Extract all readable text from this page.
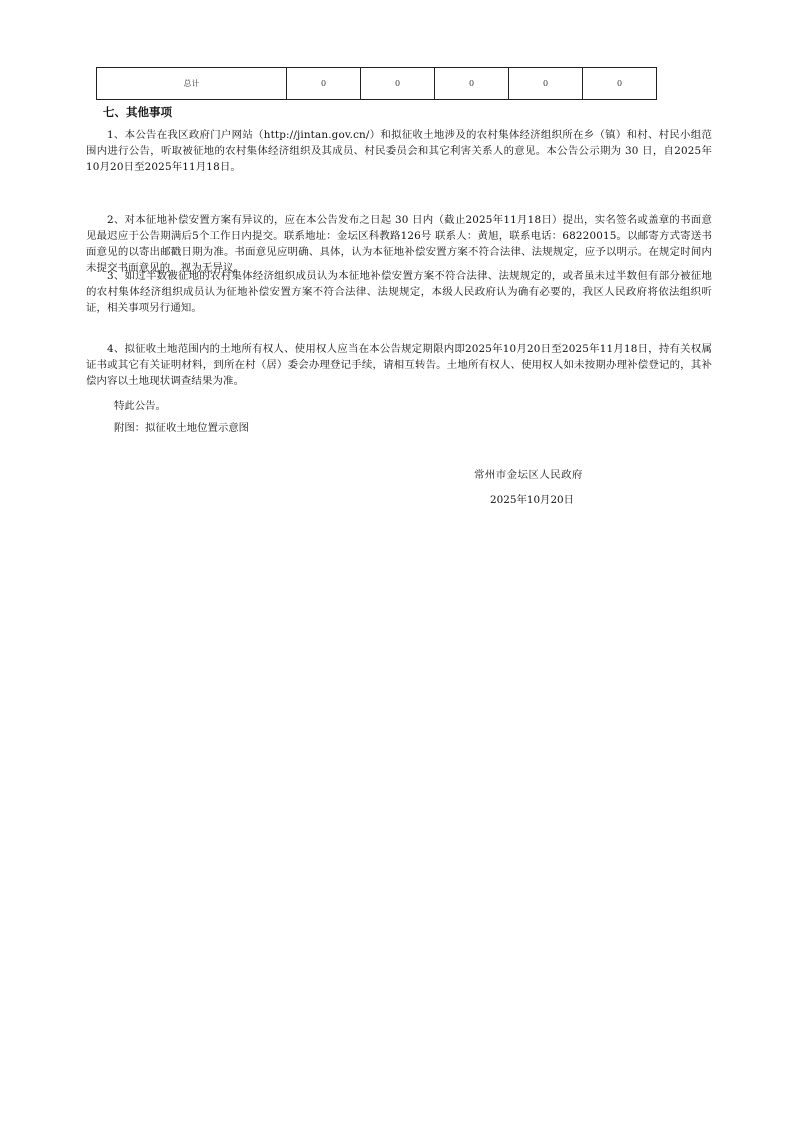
总计	0	0	0	0	0
七、其他事项

1、本公告在我区政府门户网站（http://jintan.gov.cn/）和拟征收土地涉及的农村集体经济组织所在乡（镇）和村、村民小组范围内进行公告，听取被征地的农村集体经济组织及其成员、村民委员会和其它利害关系人的意见。本公告公示期为 30 日，自2025年10月20日至2025年11月18日。

2、对本征地补偿安置方案有异议的，应在本公告发布之日起 30 日内（截止2025年11月18日）提出，实名签名或盖章的书面意见最迟应于公告期满后5个工作日内提交。联系地址：金坛区科教路126号 联系人：黄旭，联系电话：68220015。以邮寄方式寄送书面意见的以寄出邮戳日期为准。书面意见应明确、具体，认为本征地补偿安置方案不符合法律、法规规定，应予以明示。在规定时间内未提交书面意见的，视为无异议。

3、如过半数被征地的农村集体经济组织成员认为本征地补偿安置方案不符合法律、法规规定的，或者虽未过半数但有部分被征地的农村集体经济组织成员认为征地补偿安置方案不符合法律、法规规定，本级人民政府认为确有必要的，我区人民政府将依法组织听证，相关事项另行通知。

4、拟征收土地范围内的土地所有权人、使用权人应当在本公告规定期限内即2025年10月20日至2025年11月18日，持有关权属证书或其它有关证明材料，到所在村（居）委会办理登记手续，请相互转告。土地所有权人、使用权人如未按期办理补偿登记的，其补偿内容以土地现状调查结果为准。

特此公告。
附图：拟征收土地位置示意图
常州市金坛区人民政府
2025年10月20日
